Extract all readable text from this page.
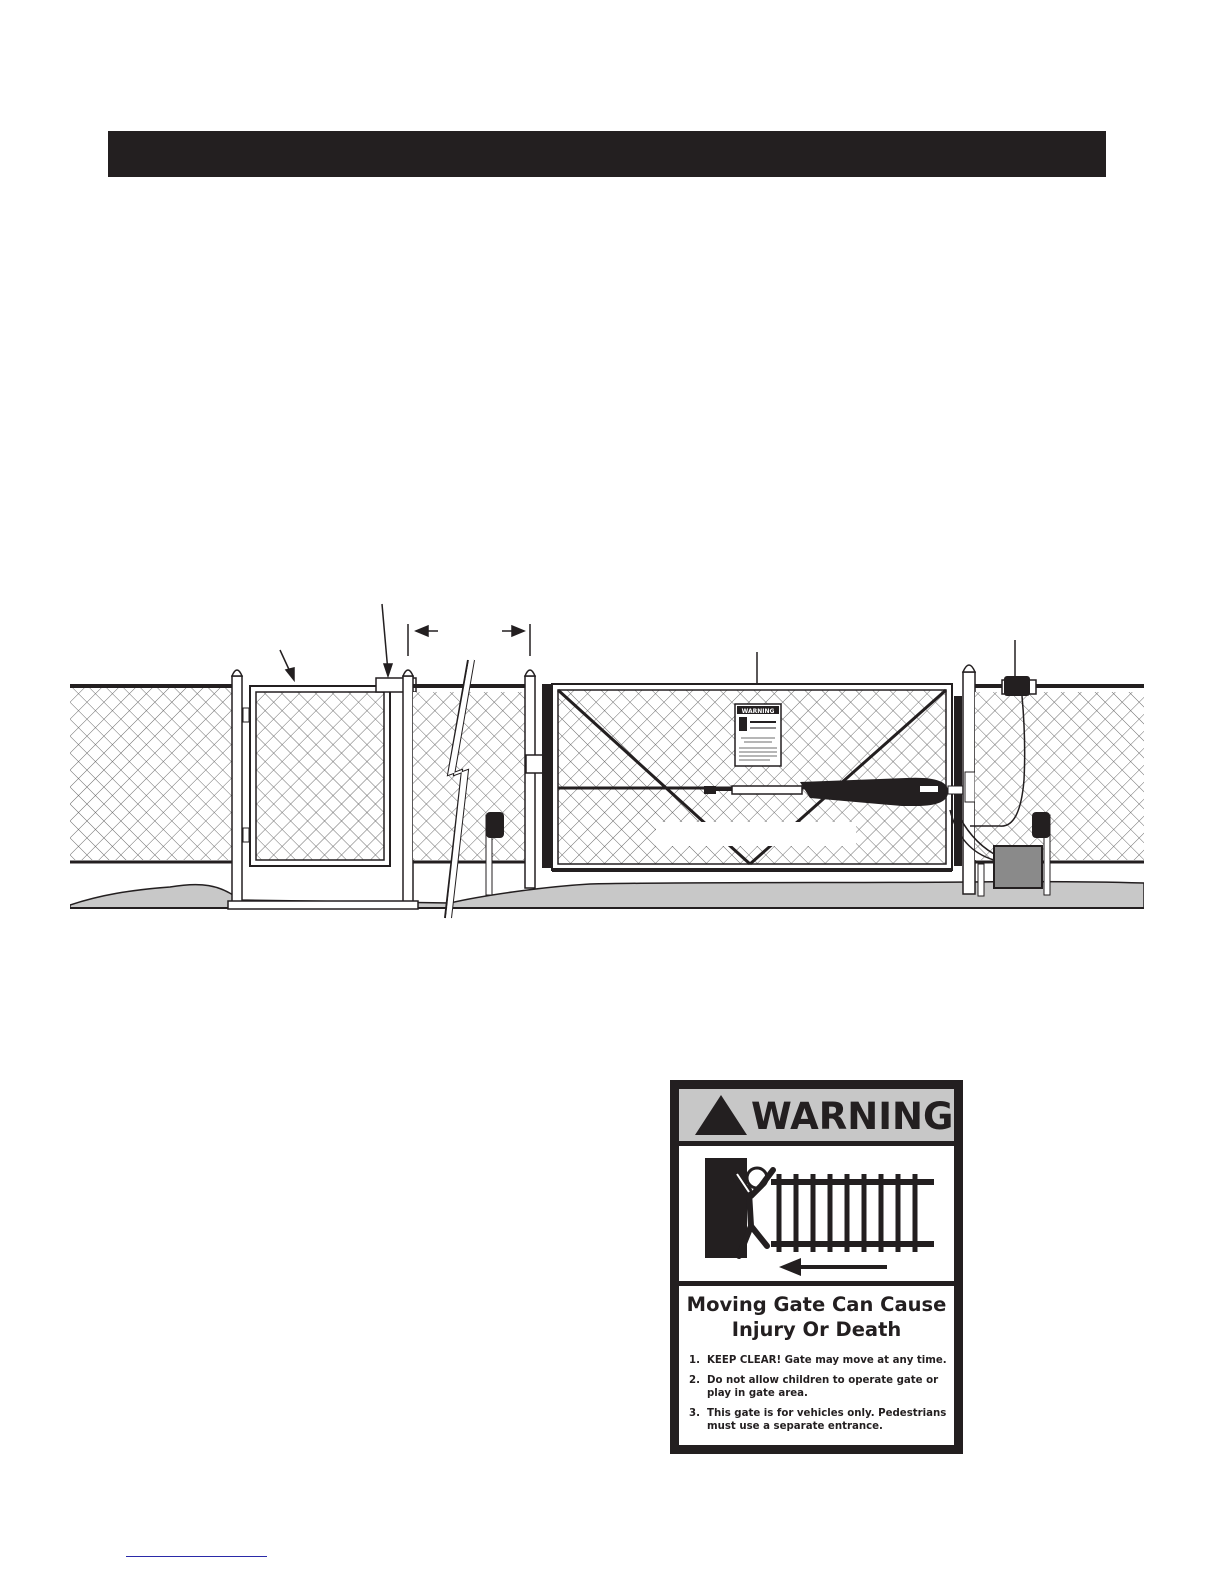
WARNING
WARNING
Moving Gate Can Cause
Injury Or Death
1. KEEP CLEAR! Gate may move at any time.
2. Do not allow children to operate gate or play in gate area.
3. This gate is for vehicles only. Pedestrians must use a separate entrance.
